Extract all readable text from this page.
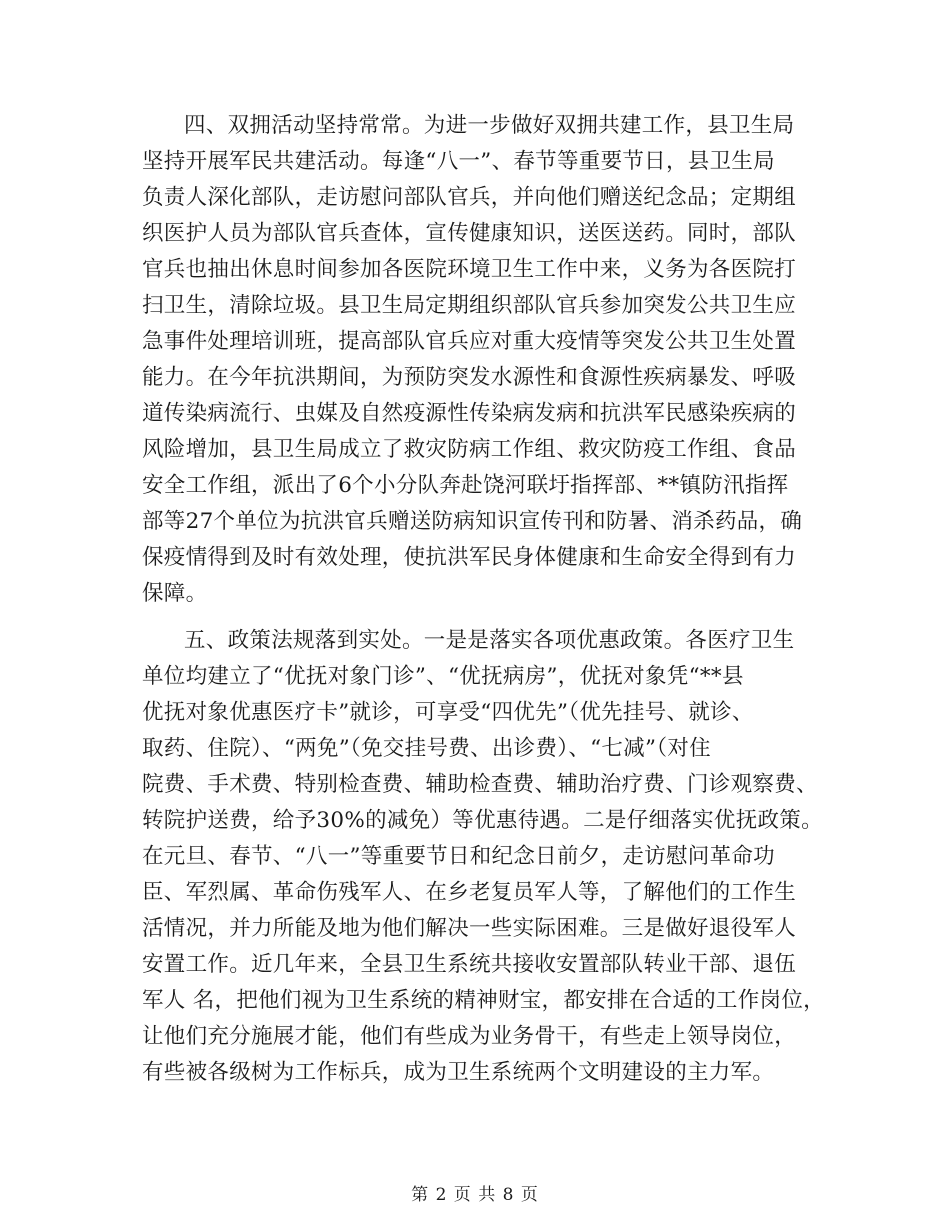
四、双拥活动坚持常常。为进一步做好双拥共建工作，县卫生局
坚持开展军民共建活动。每逢“八一”、春节等重要节日，县卫生局
负责人深化部队，走访慰问部队官兵，并向他们赠送纪念品；定期组
织医护人员为部队官兵查体，宣传健康知识，送医送药。同时，部队
官兵也抽出休息时间参加各医院环境卫生工作中来，义务为各医院打
扫卫生，清除垃圾。县卫生局定期组织部队官兵参加突发公共卫生应
急事件处理培训班，提高部队官兵应对重大疫情等突发公共卫生处置
能力。在今年抗洪期间，为预防突发水源性和食源性疾病暴发、呼吸
道传染病流行、虫媒及自然疫源性传染病发病和抗洪军民感染疾病的
风险增加，县卫生局成立了救灾防病工作组、救灾防疫工作组、食品
安全工作组，派出了6个小分队奔赴饶河联圩指挥部、**镇防汛指挥
部等27个单位为抗洪官兵赠送防病知识宣传刊和防暑、消杀药品，确
保疫情得到及时有效处理，使抗洪军民身体健康和生命安全得到有力
保障。
五、政策法规落到实处。一是是落实各项优惠政策。各医疗卫生
单位均建立了“优抚对象门诊”、“优抚病房”，优抚对象凭“**县
优抚对象优惠医疗卡”就诊，可享受“四优先”（优先挂号、就诊、
取药、住院）、“两免”（免交挂号费、出诊费）、“七减”（对住
院费、手术费、特别检查费、辅助检查费、辅助治疗费、门诊观察费、
转院护送费，给予30%的减免）等优惠待遇。二是仔细落实优抚政策。
在元旦、春节、“八一”等重要节日和纪念日前夕，走访慰问革命功
臣、军烈属、革命伤残军人、在乡老复员军人等，了解他们的工作生
活情况，并力所能及地为他们解决一些实际困难。三是做好退役军人
安置工作。近几年来，全县卫生系统共接收安置部队转业干部、退伍
军人 名，把他们视为卫生系统的精神财宝，都安排在合适的工作岗位，
让他们充分施展才能，他们有些成为业务骨干，有些走上领导岗位，
有些被各级树为工作标兵，成为卫生系统两个文明建设的主力军。
第 2 页 共 8 页
